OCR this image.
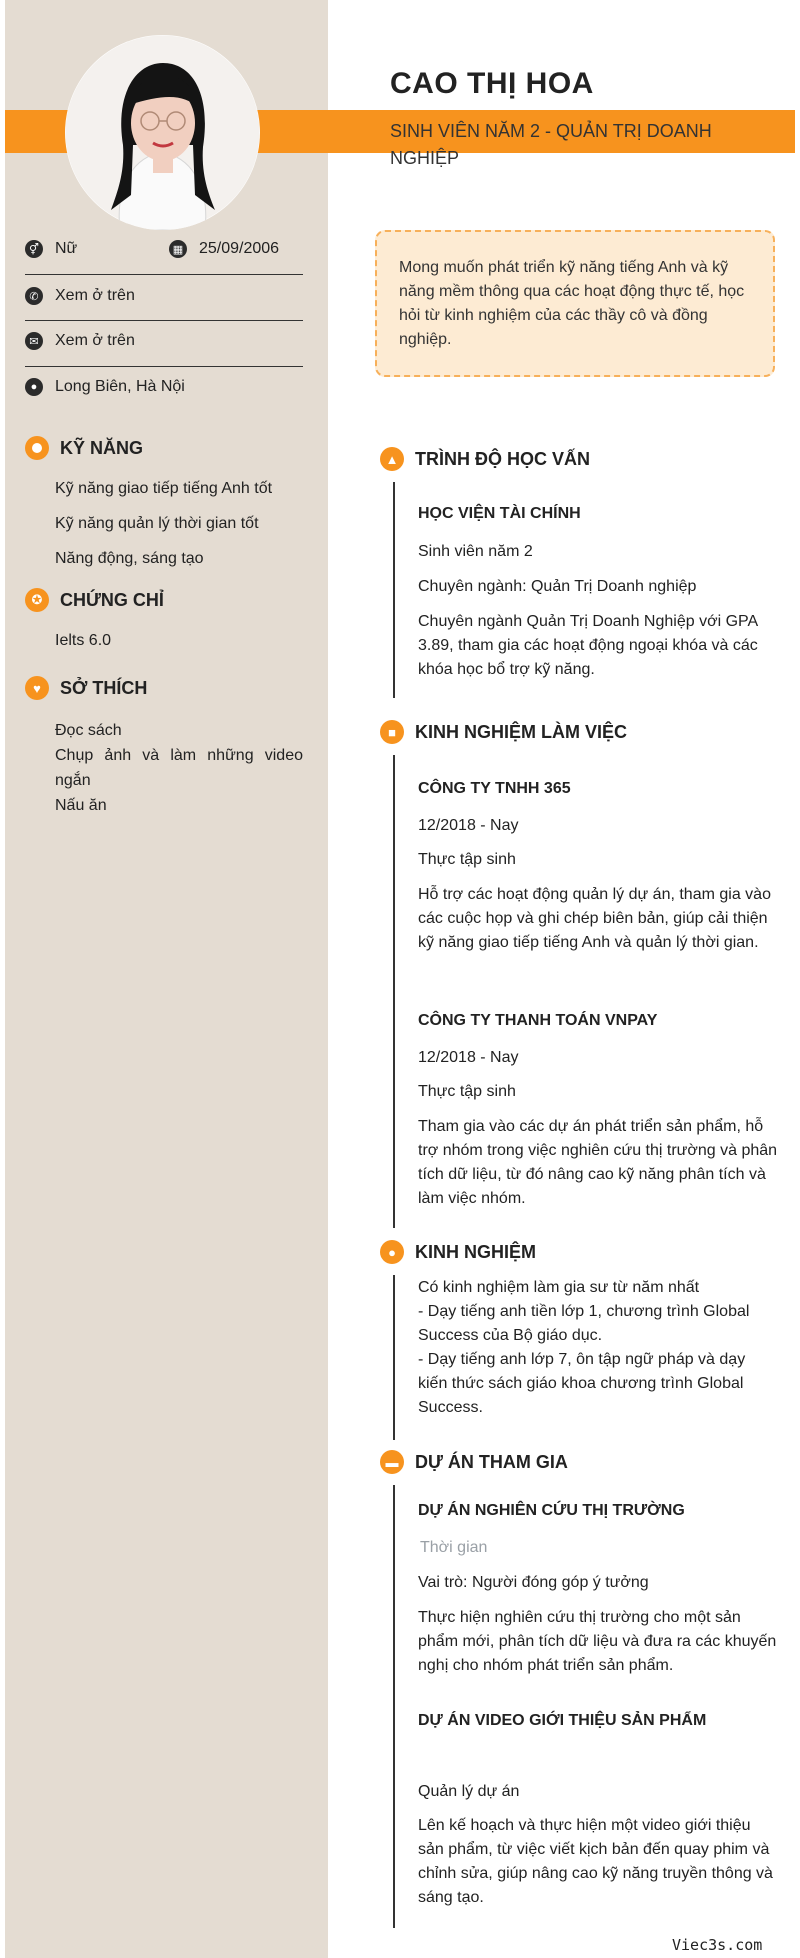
CAO THỊ HOA
SINH VIÊN NĂM 2 - QUẢN TRỊ DOANH NGHIỆP
⚥ Nữ	▦ 25/09/2006
✆ Xem ở trên
✉ Xem ở trên
●	Long Biên, Hà Nội
KỸ NĂNG
Kỹ năng giao tiếp tiếng Anh tốt
Kỹ năng quản lý thời gian tốt
Năng động, sáng tạo
✪ CHỨNG CHỈ
Ielts 6.0
♥	SỞ THÍCH
Đọc sách
Chụp ảnh và làm những video ngắn
Nấu ăn
Mong muốn phát triển kỹ năng tiếng Anh và kỹ năng mềm thông qua các hoạt động thực tế, học hỏi từ kinh nghiệm của các thầy cô và đồng nghiệp.
▲ TRÌNH ĐỘ HỌC VẤN
HỌC VIỆN TÀI CHÍNH
Sinh viên năm 2
Chuyên ngành: Quản Trị Doanh nghiệp
Chuyên ngành Quản Trị Doanh Nghiệp với GPA 3.89, tham gia các hoạt động ngoại khóa và các khóa học bổ trợ kỹ năng.
■	KINH NGHIỆM LÀM VIỆC
CÔNG TY TNHH 365
12/2018 - Nay
Thực tập sinh
Hỗ trợ các hoạt động quản lý dự án, tham gia vào các cuộc họp và ghi chép biên bản, giúp cải thiện kỹ năng giao tiếp tiếng Anh và quản lý thời gian.
CÔNG TY THANH TOÁN VNPAY
12/2018 - Nay
Thực tập sinh
Tham gia vào các dự án phát triển sản phẩm, hỗ trợ nhóm trong việc nghiên cứu thị trường và phân tích dữ liệu, từ đó nâng cao kỹ năng phân tích và làm việc nhóm.
●	KINH NGHIỆM
Có kinh nghiệm làm gia sư từ năm nhất
- Dạy tiếng anh tiền lớp 1, chương trình Global Success của Bộ giáo dục.
- Dạy tiếng anh lớp 7, ôn tập ngữ pháp và dạy kiến thức sách giáo khoa chương trình Global Success.
▬ DỰ ÁN THAM GIA
DỰ ÁN NGHIÊN CỨU THỊ TRƯỜNG
Thời gian
Vai trò: Người đóng góp ý tưởng
Thực hiện nghiên cứu thị trường cho một sản phẩm mới, phân tích dữ liệu và đưa ra các khuyến nghị cho nhóm phát triển sản phẩm.
DỰ ÁN VIDEO GIỚI THIỆU SẢN PHẨM
Quản lý dự án
Lên kế hoạch và thực hiện một video giới thiệu sản phẩm, từ việc viết kịch bản đến quay phim và chỉnh sửa, giúp nâng cao kỹ năng truyền thông và sáng tạo.
Viec3s.com
